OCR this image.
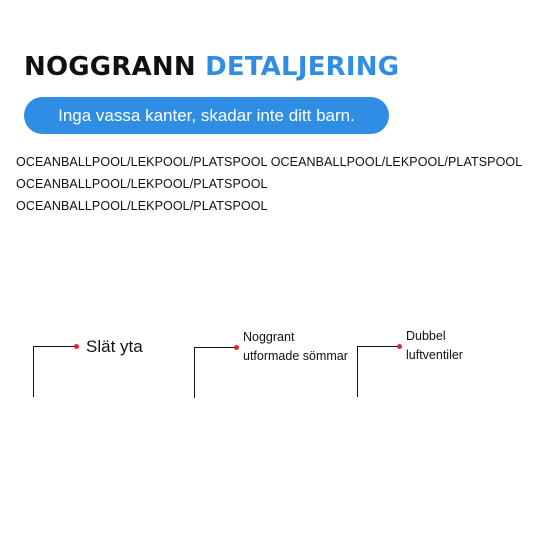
NOGGRANN DETALJERING
Inga vassa kanter, skadar inte ditt barn.

OCEANBALLPOOL/LEKPOOL/PLATSPOOL OCEANBALLPOOL/LEKPOOL/PLATSPOOL
OCEANBALLPOOL/LEKPOOL/PLATSPOOL
OCEANBALLPOOL/LEKPOOL/PLATSPOOL

Slät yta	Noggrant
utformade sömmar
Dubbel
luftventiler
